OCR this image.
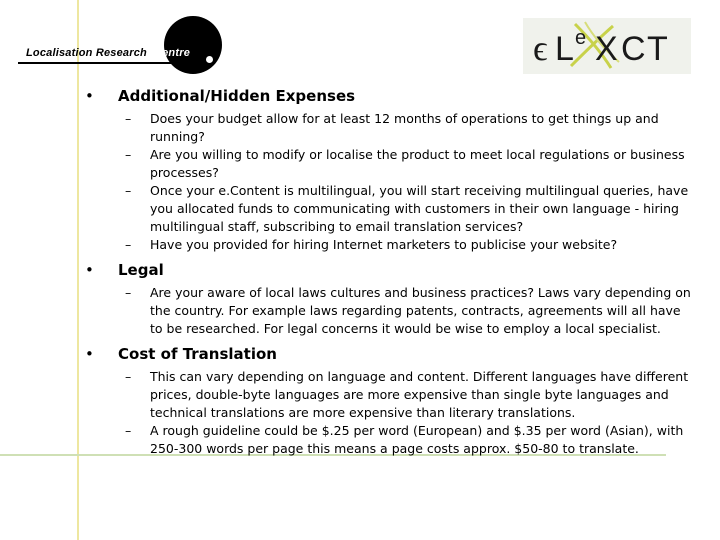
Localisation Research Centre	ϵ L e X C T
• Additional/Hidden Expenses
– Does your budget allow for at least 12 months of operations to get things up and running?
– Are you willing to modify or localise the product to meet local regulations or business processes?
– Once your e.Content is multilingual, you will start receiving multilingual queries, have you allocated funds to communicating with customers in their own language - hiring multilingual staff, subscribing to email translation services?
– Have you provided for hiring Internet marketers to publicise your website?
• Legal
– Are your aware of local laws cultures and business practices? Laws vary depending on the country. For example laws regarding patents, contracts, agreements will all have to be researched. For legal concerns it would be wise to employ a local specialist.
• Cost of Translation
– This can vary depending on language and content. Different languages have different prices, double-byte languages are more expensive than single byte languages and technical translations are more expensive than literary translations.
– A rough guideline could be $.25 per word (European) and $.35 per word (Asian), with 250-300 words per page this means a page costs approx. $50-80 to translate.
